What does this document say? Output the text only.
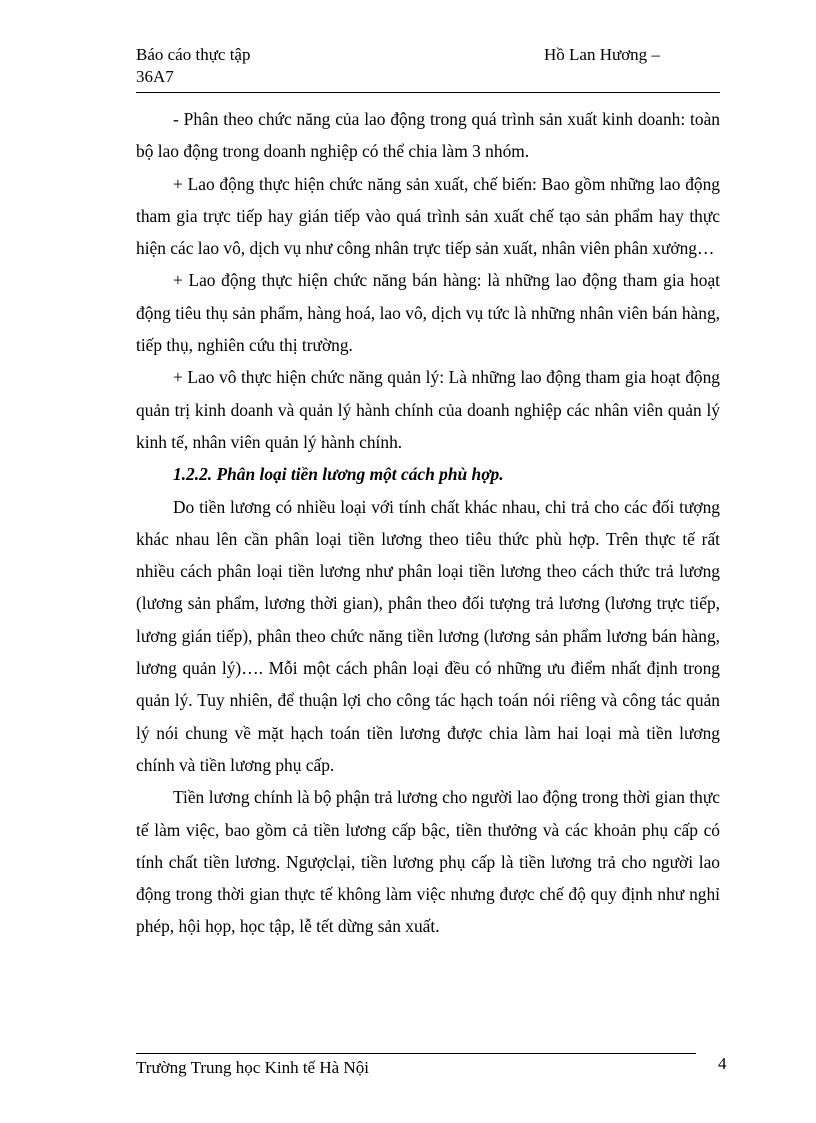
Báo cáo thực tập	Hồ Lan Hương –
36A7

- Phân theo chức năng của lao động trong quá trình sản xuất kinh doanh: toàn bộ lao động trong doanh nghiệp có thể chia làm 3 nhóm.

+ Lao động thực hiện chức năng sản xuất, chế biến: Bao gồm những lao động tham gia trực tiếp hay gián tiếp vào quá trình sản xuất chế tạo sản phẩm hay thực hiện các lao vô, dịch vụ như công nhân trực tiếp sản xuất, nhân viên phân xưởng…

+ Lao động thực hiện chức năng bán hàng: là những lao động tham gia hoạt động tiêu thụ sản phẩm, hàng hoá, lao vô, dịch vụ tức là những nhân viên bán hàng, tiếp thụ, nghiên cứu thị trường.

+ Lao vô thực hiện chức năng quản lý: Là những lao động tham gia hoạt động quản trị kinh doanh và quản lý hành chính của doanh nghiệp các nhân viên quản lý kinh tế, nhân viên quản lý hành chính.

1.2.2. Phân loại tiền lương một cách phù hợp.

Do tiền lương có nhiều loại với tính chất khác nhau, chi trả cho các đối tượng khác nhau lên cần phân loại tiền lương theo tiêu thức phù hợp. Trên thực tế rất nhiều cách phân loại tiền lương như phân loại tiền lương theo cách thức trả lương (lương sản phẩm, lương thời gian), phân theo đối tượng trả lương (lương trực tiếp, lương gián tiếp), phân theo chức năng tiền lương (lương sản phẩm lương bán hàng, lương quản lý)…. Mỗi một cách phân loại đều có những ưu điểm nhất định trong quản lý. Tuy nhiên, để thuận lợi cho công tác hạch toán nói riêng và công tác quản lý nói chung về mặt hạch toán tiền lương được chia làm hai loại mà tiền lương chính và tiền lương phụ cấp.

Tiền lương chính là bộ phận trả lương cho người lao động trong thời gian thực tế làm việc, bao gồm cả tiền lương cấp bậc, tiền thưởng và các khoản phụ cấp có tính chất tiền lương. Ngượclại, tiền lương phụ cấp là tiền lương trả cho người lao động trong thời gian thực tế không làm việc nhưng được chế độ quy định như nghỉ phép, hội họp, học tập, lễ tết dừng sản xuất.

Trường Trung học Kinh tế Hà Nội	4
